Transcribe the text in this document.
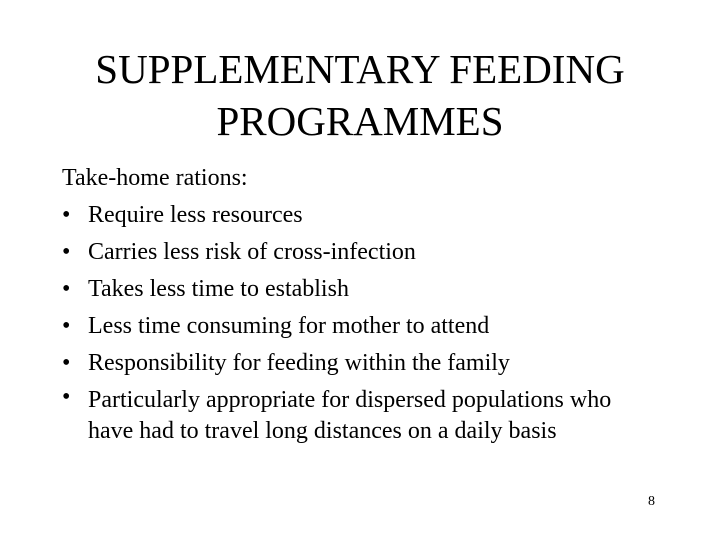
SUPPLEMENTARY FEEDING
PROGRAMMES
Take-home rations:
• Require less resources
• Carries less risk of cross-infection
• Takes less time to establish
• Less time consuming for mother to attend
• Responsibility for feeding within the family
• Particularly appropriate for dispersed populations who have had to travel long distances on a daily basis
8
